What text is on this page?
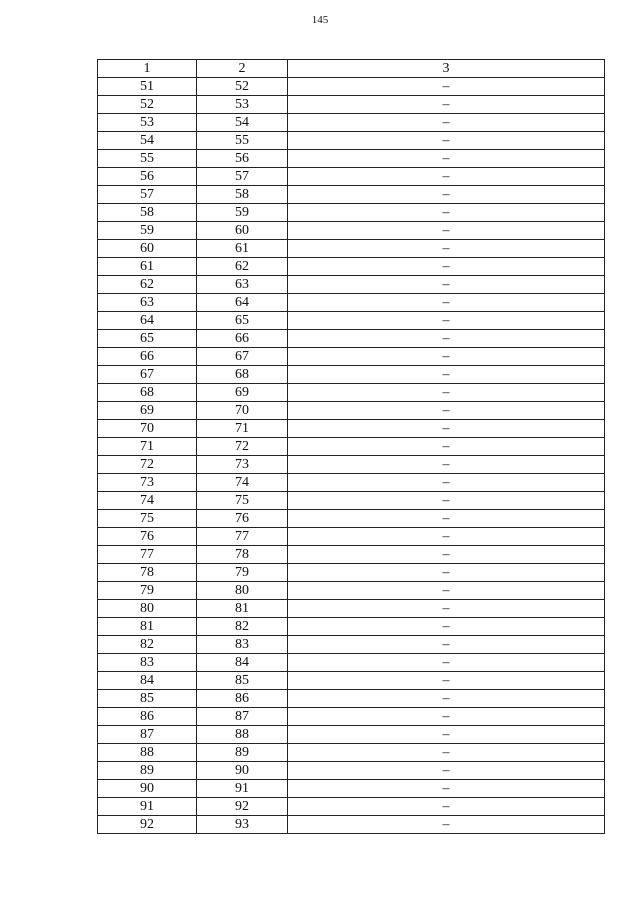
145
1	2	3
51	52	–
52	53	–
53	54	–
54	55	–
55	56	–
56	57	–
57	58	–
58	59	–
59	60	–
60	61	–
61	62	–
62	63	–
63	64	–
64	65	–
65	66	–
66	67	–
67	68	–
68	69	–
69	70	–
70	71	–
71	72	–
72	73	–
73	74	–
74	75	–
75	76	–
76	77	–
77	78	–
78	79	–
79	80	–
80	81	–
81	82	–
82	83	–
83	84	–
84	85	–
85	86	–
86	87	–
87	88	–
88	89	–
89	90	–
90	91	–
91	92	–
92	93	–
